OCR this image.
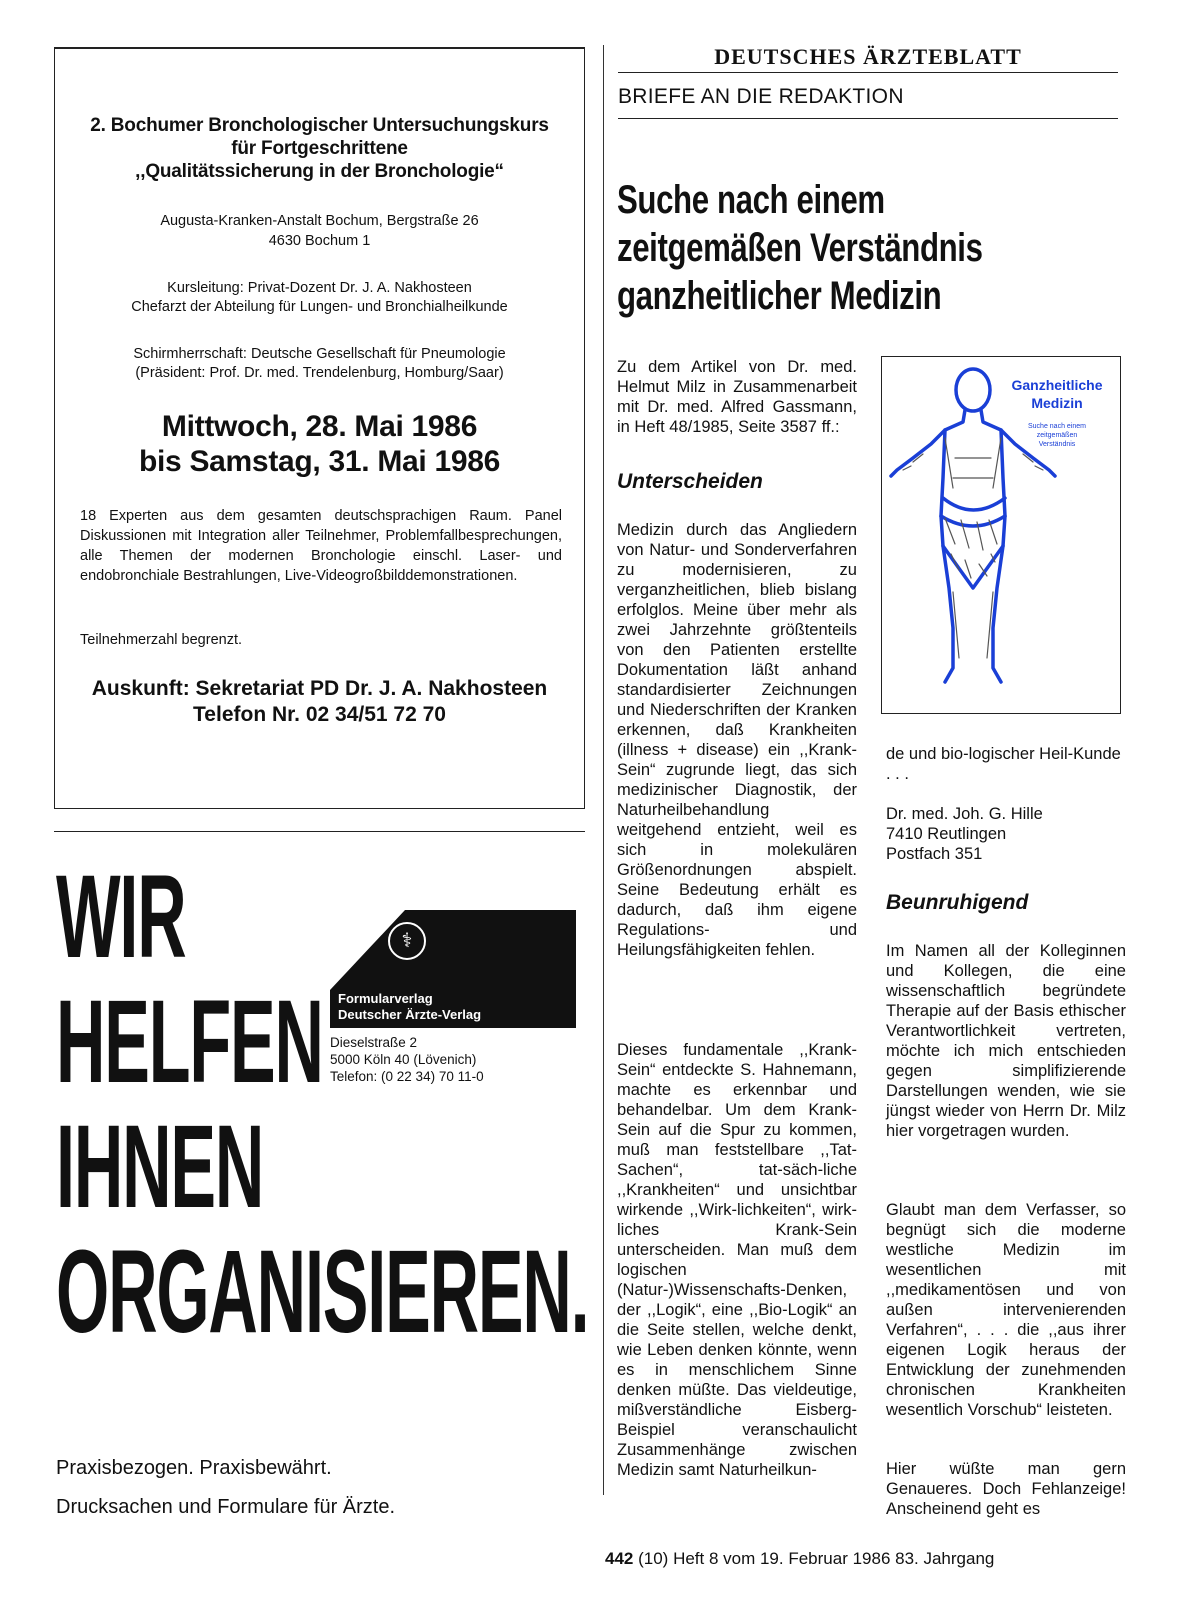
2. Bochumer Bronchologischer Untersuchungskurs
für Fortgeschrittene
,,Qualitätssicherung in der Bronchologie“
Augusta-Kranken-Anstalt Bochum, Bergstraße 26
4630 Bochum 1
Kursleitung: Privat-Dozent Dr. J. A. Nakhosteen
Chefarzt der Abteilung für Lungen- und Bronchialheilkunde
Schirmherrschaft: Deutsche Gesellschaft für Pneumologie
(Präsident: Prof. Dr. med. Trendelenburg, Homburg/Saar)
Mittwoch, 28. Mai 1986
bis Samstag, 31. Mai 1986
18 Experten aus dem gesamten deutschsprachigen Raum. Panel Diskussionen mit Integration aller Teilnehmer, Problemfallbesprechungen, alle Themen der modernen Bronchologie einschl. Laser- und endobronchiale Bestrahlungen, Live-Videogroßbilddemonstrationen.
Teilnehmerzahl begrenzt.
Auskunft: Sekretariat PD Dr. J. A. Nakhosteen
Telefon Nr. 02 34/51 72 70
WIR
HELFEN
IHNEN
ORGANISIEREN.
⚕
Formularverlag
Deutscher Ärzte-Verlag
Dieselstraße 2
5000 Köln 40 (Lövenich)
Telefon: (0 22 34) 70 11-0
Praxisbezogen. Praxisbewährt.
Drucksachen und Formulare für Ärzte.
DEUTSCHES ÄRZTEBLATT
BRIEFE AN DIE REDAKTION
Suche nach einem
zeitgemäßen Verständnis
ganzheitlicher Medizin
Zu dem Artikel von Dr. med. Helmut Milz in Zusammenarbeit mit Dr. med. Alfred Gassmann, in Heft 48/1985, Seite 3587 ff.:
Unterscheiden
Medizin durch das Angliedern von Natur- und Sonderverfahren zu modernisieren, zu verganzheitlichen, blieb bislang erfolglos. Meine über mehr als zwei Jahrzehnte größtenteils von den Patienten erstellte Dokumentation läßt anhand standardisierter Zeichnungen und Niederschriften der Kranken erkennen, daß Krankheiten (illness + disease) ein ,,Krank-Sein“ zugrunde liegt, das sich medizinischer Diagnostik, der Naturheilbehandlung weitgehend entzieht, weil es sich in molekulären Größenordnungen abspielt. Seine Bedeutung erhält es dadurch, daß ihm eigene Regulations- und Heilungsfähigkeiten fehlen.
Dieses fundamentale ,,Krank-Sein“ entdeckte S. Hahnemann, machte es erkennbar und behandelbar. Um dem Krank-Sein auf die Spur zu kommen, muß man feststellbare ,,Tat-Sachen“, tat-säch-liche ,,Krankheiten“ und unsichtbar wirkende ,,Wirk-lichkeiten“, wirk-liches Krank-Sein unterscheiden. Man muß dem logischen (Natur-)Wissenschafts-Denken, der ,,Logik“, eine ,,Bio-Logik“ an die Seite stellen, welche denkt, wie Leben denken könnte, wenn es in menschlichem Sinne denken müßte. Das vieldeutige, mißverständliche Eisberg-Beispiel veranschaulicht Zusammenhänge zwischen Medizin samt Naturheilkun-
Ganzheitliche
Medizin
Suche nach einem
zeitgemäßen
Verständnis
de und bio-logischer Heil-Kunde . . .
Dr. med. Joh. G. Hille
7410 Reutlingen
Postfach 351
Beunruhigend
Im Namen all der Kolleginnen und Kollegen, die eine wissenschaftlich begründete Therapie auf der Basis ethischer Verantwortlichkeit vertreten, möchte ich mich entschieden gegen simplifizierende Darstellungen wenden, wie sie jüngst wieder von Herrn Dr. Milz hier vorgetragen wurden.
Glaubt man dem Verfasser, so begnügt sich die moderne westliche Medizin im wesentlichen mit ,,medikamentösen und von außen intervenierenden Verfahren“, . . . die ,,aus ihrer eigenen Logik heraus der Entwicklung der zunehmenden chronischen Krankheiten wesentlich Vorschub“ leisteten.
Hier wüßte man gern Genaueres. Doch Fehlanzeige! Anscheinend geht es
442 (10) Heft 8 vom 19. Februar 1986 83. Jahrgang
